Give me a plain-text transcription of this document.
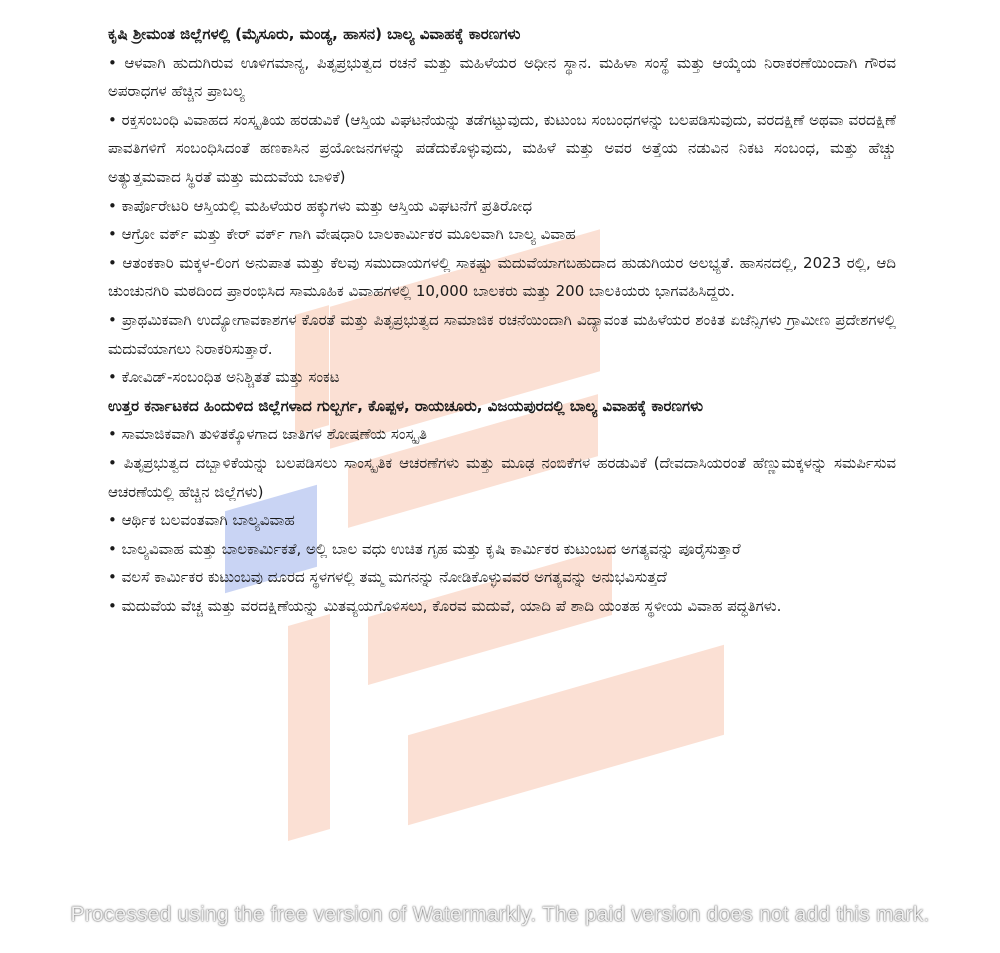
ಕೃಷಿ ಶ್ರೀಮಂತ ಜಿಲ್ಲೆಗಳಲ್ಲಿ (ಮೈಸೂರು, ಮಂಡ್ಯ, ಹಾಸನ) ಬಾಲ್ಯ ವಿವಾಹಕ್ಕೆ ಕಾರಣಗಳು

• ಆಳವಾಗಿ ಹುದುಗಿರುವ ಊಳಿಗಮಾನ್ಯ, ಪಿತೃಪ್ರಭುತ್ವದ ರಚನೆ ಮತ್ತು ಮಹಿಳೆಯರ ಅಧೀನ ಸ್ಥಾನ. ಮಹಿಳಾ ಸಂಸ್ಥೆ ಮತ್ತು ಆಯ್ಕೆಯ ನಿರಾಕರಣೆಯಿಂದಾಗಿ ಗೌರವ ಅಪರಾಧಗಳ ಹೆಚ್ಚಿನ ಪ್ರಾಬಲ್ಯ

• ರಕ್ತಸಂಬಂಧಿ ವಿವಾಹದ ಸಂಸ್ಕೃತಿಯ ಹರಡುವಿಕೆ (ಆಸ್ತಿಯ ವಿಘಟನೆಯನ್ನು ತಡೆಗಟ್ಟುವುದು, ಕುಟುಂಬ ಸಂಬಂಧಗಳನ್ನು ಬಲಪಡಿಸುವುದು, ವರದಕ್ಷಿಣೆ ಅಥವಾ ವರದಕ್ಷಿಣೆ ಪಾವತಿಗಳಿಗೆ ಸಂಬಂಧಿಸಿದಂತೆ ಹಣಕಾಸಿನ ಪ್ರಯೋಜನಗಳನ್ನು ಪಡೆದುಕೊಳ್ಳುವುದು, ಮಹಿಳೆ ಮತ್ತು ಅವರ ಅತ್ತೆಯ ನಡುವಿನ ನಿಕಟ ಸಂಬಂಧ, ಮತ್ತು ಹೆಚ್ಚು ಅತ್ಯುತ್ತಮವಾದ ಸ್ಥಿರತೆ ಮತ್ತು ಮದುವೆಯ ಬಾಳಿಕೆ)

• ಕಾರ್ಪೊರೇಟರಿ ಆಸ್ತಿಯಲ್ಲಿ ಮಹಿಳೆಯರ ಹಕ್ಕುಗಳು ಮತ್ತು ಆಸ್ತಿಯ ವಿಘಟನೆಗೆ ಪ್ರತಿರೋಧ

• ಆಗ್ರೋ ವರ್ಕ್ ಮತ್ತು ಕೇರ್ ವರ್ಕ್ ಗಾಗಿ ವೇಷಧಾರಿ ಬಾಲಕಾರ್ಮಿಕರ ಮೂಲವಾಗಿ ಬಾಲ್ಯ ವಿವಾಹ

• ಆತಂಕಕಾರಿ ಮಕ್ಕಳ-ಲಿಂಗ ಅನುಪಾತ ಮತ್ತು ಕೆಲವು ಸಮುದಾಯಗಳಲ್ಲಿ ಸಾಕಷ್ಟು ಮದುವೆಯಾಗಬಹುದಾದ ಹುಡುಗಿಯರ ಅಲಭ್ಯತೆ. ಹಾಸನದಲ್ಲಿ, 2023 ರಲ್ಲಿ, ಆದಿ ಚುಂಚುನಗಿರಿ ಮಠದಿಂದ ಪ್ರಾರಂಭಿಸಿದ ಸಾಮೂಹಿಕ ವಿವಾಹಗಳಲ್ಲಿ 10,000 ಬಾಲಕರು ಮತ್ತು 200 ಬಾಲಕಿಯರು ಭಾಗವಹಿಸಿದ್ದರು.

• ಪ್ರಾಥಮಿಕವಾಗಿ ಉದ್ಯೋಗಾವಕಾಶಗಳ ಕೊರತೆ ಮತ್ತು ಪಿತೃಪ್ರಭುತ್ವದ ಸಾಮಾಜಿಕ ರಚನೆಯಿಂದಾಗಿ ವಿದ್ಯಾವಂತ ಮಹಿಳೆಯರ ಶಂಕಿತ ಏಜೆನ್ಸಿಗಳು ಗ್ರಾಮೀಣ ಪ್ರದೇಶಗಳಲ್ಲಿ ಮದುವೆಯಾಗಲು ನಿರಾಕರಿಸುತ್ತಾರೆ.

• ಕೋವಿಡ್-ಸಂಬಂಧಿತ ಅನಿಶ್ಚಿತತೆ ಮತ್ತು ಸಂಕಟ

ಉತ್ತರ ಕರ್ನಾಟಕದ ಹಿಂದುಳಿದ ಜಿಲ್ಲೆಗಳಾದ ಗುಲ್ಬರ್ಗ, ಕೊಪ್ಪಳ, ರಾಯಚೂರು, ವಿಜಯಪುರದಲ್ಲಿ ಬಾಲ್ಯ ವಿವಾಹಕ್ಕೆ ಕಾರಣಗಳು

• ಸಾಮಾಜಿಕವಾಗಿ ತುಳಿತಕ್ಕೊಳಗಾದ ಜಾತಿಗಳ ಶೋಷಣೆಯ ಸಂಸ್ಕೃತಿ

• ಪಿತೃಪ್ರಭುತ್ವದ ದಬ್ಬಾಳಿಕೆಯನ್ನು ಬಲಪಡಿಸಲು ಸಾಂಸ್ಕೃತಿಕ ಆಚರಣೆಗಳು ಮತ್ತು ಮೂಢ ನಂಬಿಕೆಗಳ ಹರಡುವಿಕೆ (ದೇವದಾಸಿಯರಂತೆ ಹೆಣ್ಣುಮಕ್ಕಳನ್ನು ಸಮರ್ಪಿಸುವ ಆಚರಣೆಯಲ್ಲಿ ಹೆಚ್ಚಿನ ಜಿಲ್ಲೆಗಳು)

• ಆರ್ಥಿಕ ಬಲವಂತವಾಗಿ ಬಾಲ್ಯವಿವಾಹ

• ಬಾಲ್ಯವಿವಾಹ ಮತ್ತು ಬಾಲಕಾರ್ಮಿಕತೆ, ಅಲ್ಲಿ ಬಾಲ ವಧು ಉಚಿತ ಗೃಹ ಮತ್ತು ಕೃಷಿ ಕಾರ್ಮಿಕರ ಕುಟುಂಬದ ಅಗತ್ಯವನ್ನು ಪೂರೈಸುತ್ತಾರೆ

• ವಲಸೆ ಕಾರ್ಮಿಕರ ಕುಟುಂಬವು ದೂರದ ಸ್ಥಳಗಳಲ್ಲಿ ತಮ್ಮ ಮಗನನ್ನು ನೋಡಿಕೊಳ್ಳುವವರ ಅಗತ್ಯವನ್ನು ಅನುಭವಿಸುತ್ತದೆ

• ಮದುವೆಯ ವೆಚ್ಚ ಮತ್ತು ವರದಕ್ಷಿಣೆಯನ್ನು ಮಿತವ್ಯಯಗೊಳಿಸಲು, ಕೊರವ ಮದುವೆ, ಯಾದಿ ಪೆ ಶಾದಿ ಯಂತಹ ಸ್ಥಳೀಯ ವಿವಾಹ ಪದ್ಧತಿಗಳು.

Processed using the free version of Watermarkly. The paid version does not add this mark.
